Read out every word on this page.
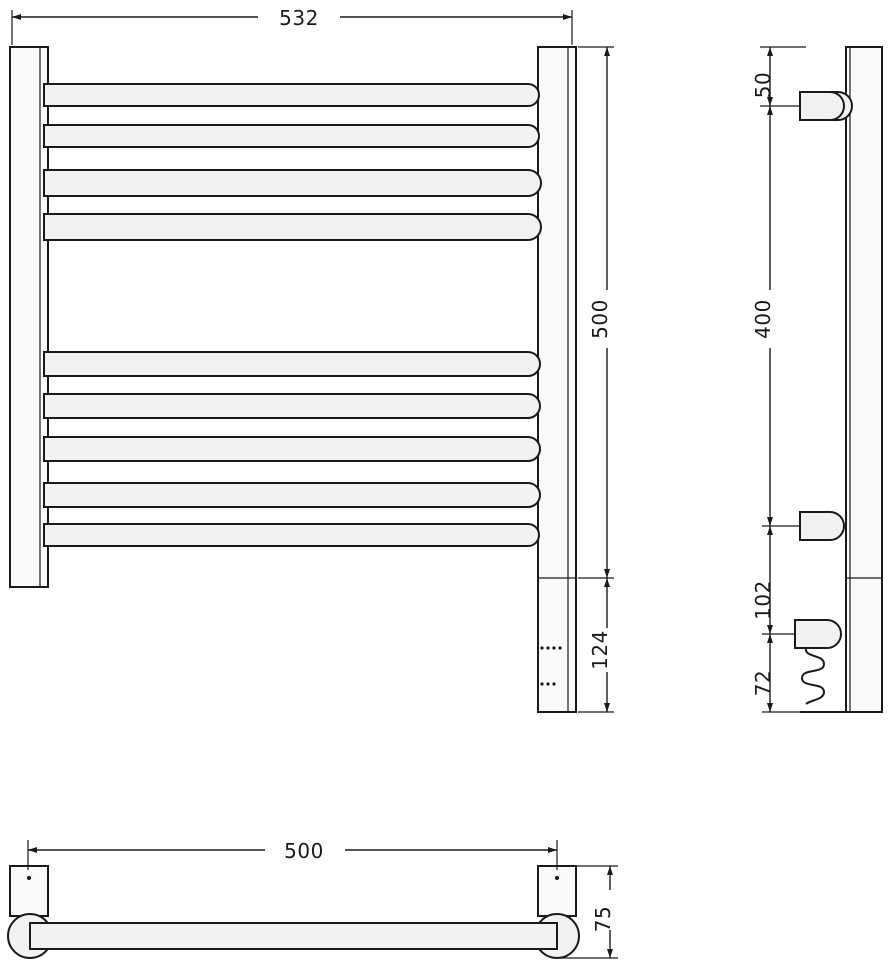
532
500
124
50
400
102
72
500
75
